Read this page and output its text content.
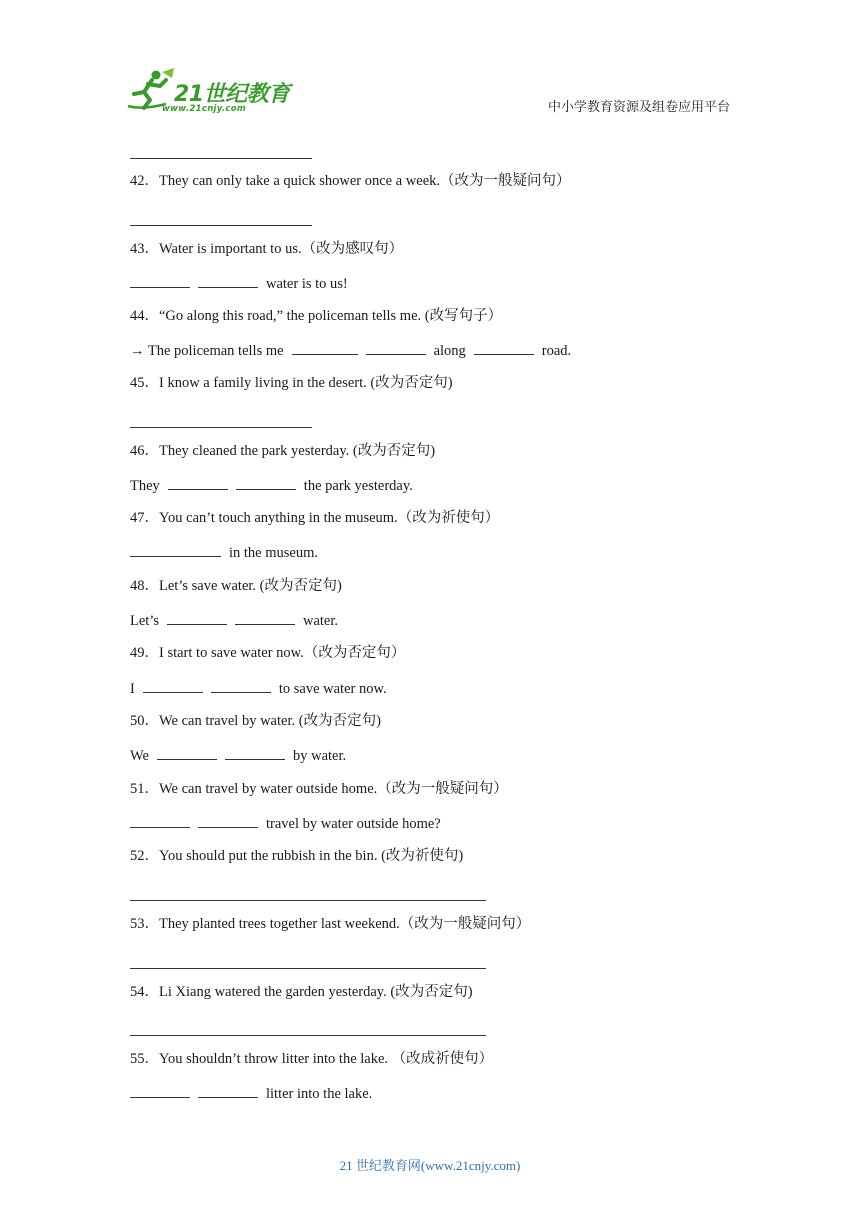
21世纪教育
www.21cnjy.com	中小学教育资源及组卷应用平台
42．They can only take a quick shower once a week.（改为一般疑问句）
43．Water is important to us.（改为感叹句）
water is to us!
44．“Go along this road,” the policeman tells me. (改写句子）
→ The policeman tells me	along	road.
45．I know a family living in the desert. (改为否定句)
46．They cleaned the park yesterday. (改为否定句)
They	the park yesterday.
47．You can’t touch anything in the museum.（改为祈使句）
in the museum.
48．Let’s save water. (改为否定句)
Let’s	water.
49．I start to save water now.（改为否定句）
I	to save water now.
50．We can travel by water. (改为否定句)
We	by water.
51．We can travel by water outside home.（改为一般疑问句）
travel by water outside home?
52．You should put the rubbish in the bin. (改为祈使句)
53．They planted trees together last weekend.（改为一般疑问句）
54．Li Xiang watered the garden yesterday. (改为否定句)
55．You shouldn’t throw litter into the lake. （改成祈使句）
litter into the lake.
21 世纪教育网(www.21cnjy.com)
